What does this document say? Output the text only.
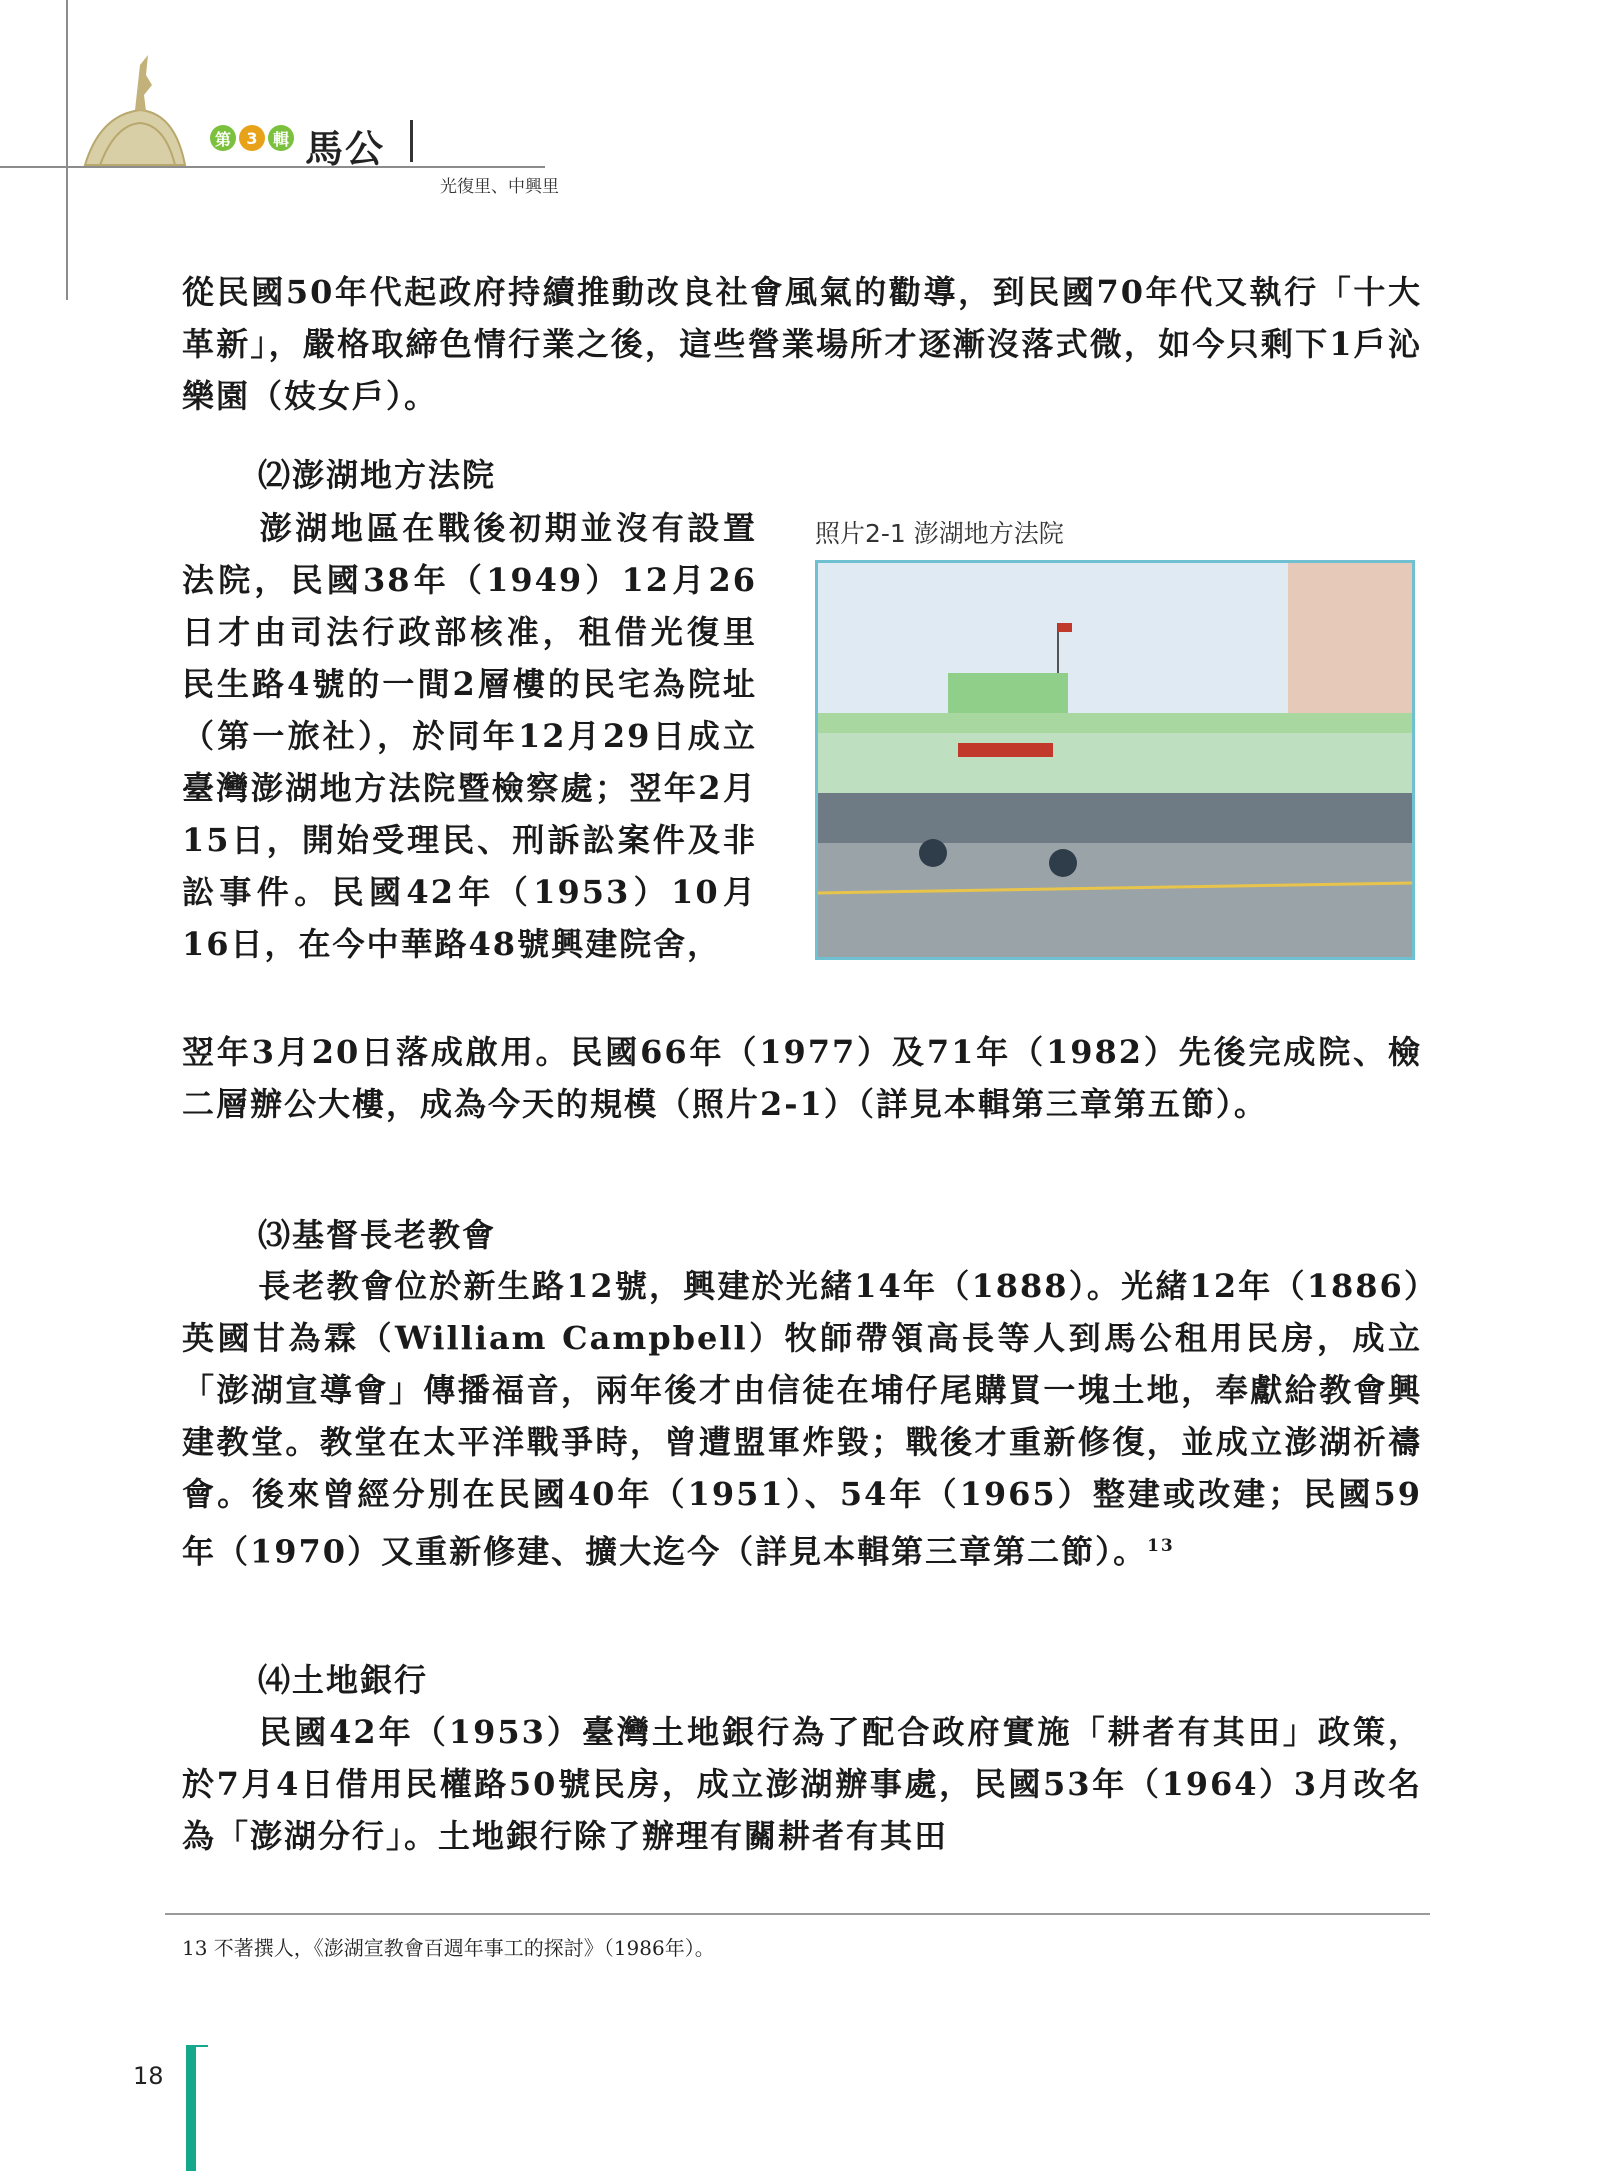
第 3 輯 馬公
光復里、中興里

從民國50年代起政府持續推動改良社會風氣的勸導，到民國70年代又執行「十大革新」，嚴格取締色情行業之後，這些營業場所才逐漸沒落式微，如今只剩下1戶沁樂園（妓女戶）。

⑵澎湖地方法院

澎湖地區在戰後初期並沒有設置法院，民國38年（1949）12月26日才由司法行政部核准，租借光復里民生路4號的一間2層樓的民宅為院址（第一旅社），於同年12月29日成立臺灣澎湖地方法院暨檢察處；翌年2月15日，開始受理民、刑訴訟案件及非訟事件。民國42年（1953）10月16日，在今中華路48號興建院舍，
照片2-1 澎湖地方法院

翌年3月20日落成啟用。民國66年（1977）及71年（1982）先後完成院、檢二層辦公大樓，成為今天的規模（照片2-1）（詳見本輯第三章第五節）。

⑶基督長老教會

長老教會位於新生路12號，興建於光緒14年（1888）。光緒12年（1886）英國甘為霖（William Campbell）牧師帶領高長等人到馬公租用民房，成立「澎湖宣導會」傳播福音，兩年後才由信徒在埔仔尾購買一塊土地，奉獻給教會興建教堂。教堂在太平洋戰爭時，曾遭盟軍炸毀；戰後才重新修復，並成立澎湖祈禱會。後來曾經分別在民國40年（1951）、54年（1965）整建或改建；民國59年（1970）又重新修建、擴大迄今（詳見本輯第三章第二節）。$^{13}$

⑷土地銀行

民國42年（1953）臺灣土地銀行為了配合政府實施「耕者有其田」政策，於7月4日借用民權路50號民房，成立澎湖辦事處，民國53年（1964）3月改名為「澎湖分行」。土地銀行除了辦理有關耕者有其田

13 不著撰人，《澎湖宣教會百週年事工的探討》（1986年）。
18
